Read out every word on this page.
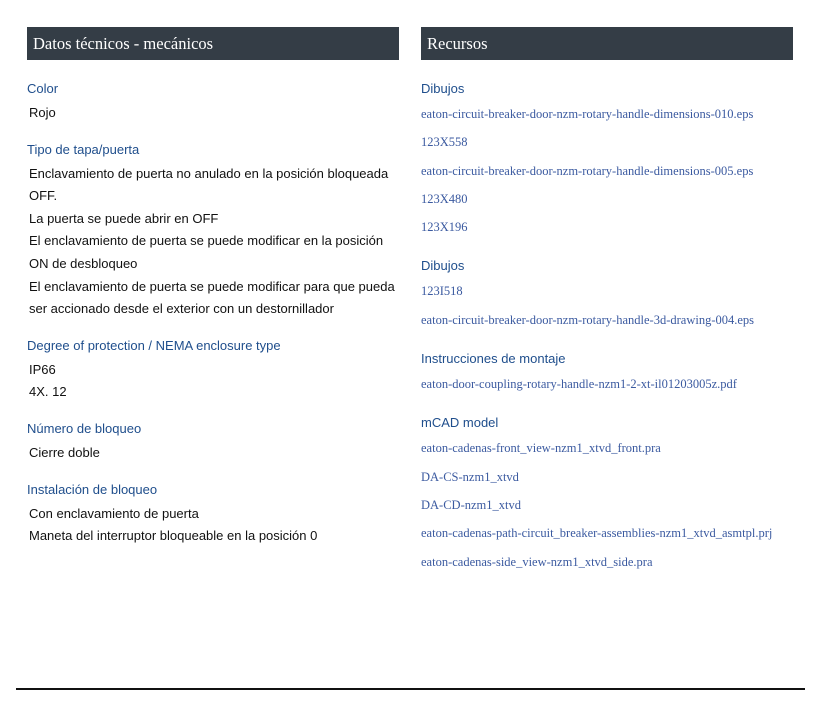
Datos técnicos - mecánicos
Color
Rojo
Tipo de tapa/puerta
Enclavamiento de puerta no anulado en la posición bloqueada
OFF.
La puerta se puede abrir en OFF
El enclavamiento de puerta se puede modificar en la posición
ON de desbloqueo
El enclavamiento de puerta se puede modificar para que pueda
ser accionado desde el exterior con un destornillador
Degree of protection / NEMA enclosure type
IP66
4X. 12
Número de bloqueo
Cierre doble
Instalación de bloqueo
Con enclavamiento de puerta
Maneta del interruptor bloqueable en la posición 0
Recursos
Dibujos
eaton-circuit-breaker-door-nzm-rotary-handle-dimensions-010.eps
123X558
eaton-circuit-breaker-door-nzm-rotary-handle-dimensions-005.eps
123X480
123X196
Dibujos
123I518
eaton-circuit-breaker-door-nzm-rotary-handle-3d-drawing-004.eps
Instrucciones de montaje
eaton-door-coupling-rotary-handle-nzm1-2-xt-il01203005z.pdf
mCAD model
eaton-cadenas-front_view-nzm1_xtvd_front.pra
DA-CS-nzm1_xtvd
DA-CD-nzm1_xtvd
eaton-cadenas-path-circuit_breaker-assemblies-nzm1_xtvd_asmtpl.prj
eaton-cadenas-side_view-nzm1_xtvd_side.pra
